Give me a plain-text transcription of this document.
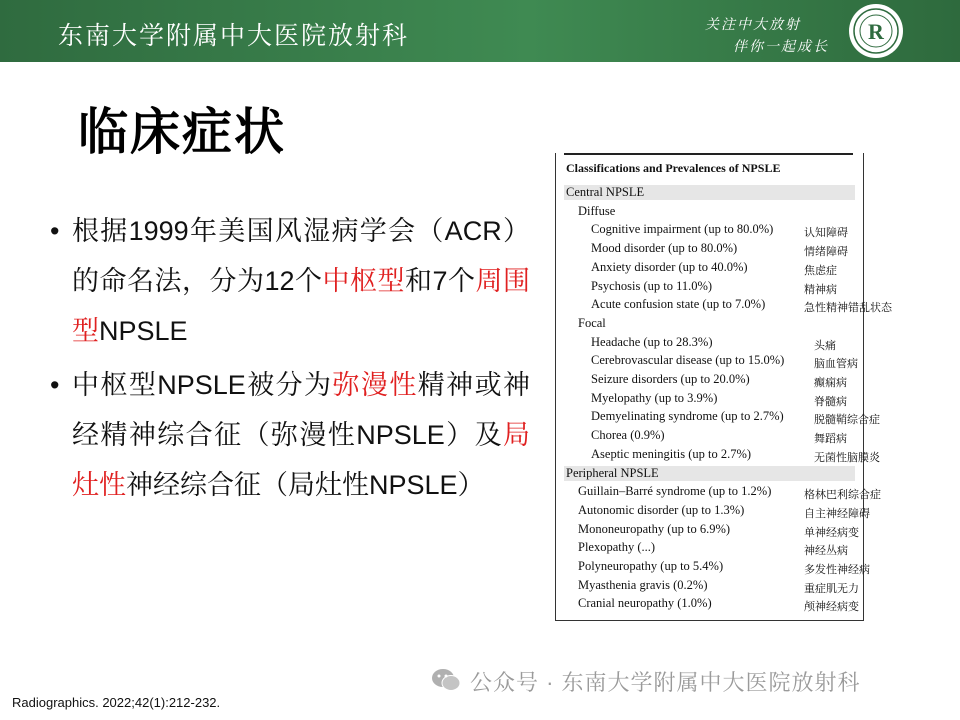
东南大学附属中大医院放射科	关注中大放射
伴你一起成长
R
临床症状
• 根据1999年美国风湿病学会（ACR）的命名法，分为12个中枢型和7个周围型NPSLE
• 中枢型NPSLE被分为弥漫性精神或神经精神综合征（弥漫性NPSLE）及局灶性神经综合征（局灶性NPSLE）
Classifications and Prevalences of NPSLE
Central NPSLE
Diffuse
Cognitive impairment (up to 80.0%)	认知障碍
Mood disorder (up to 80.0%)	情绪障碍
Anxiety disorder (up to 40.0%)	焦虑症
Psychosis (up to 11.0%)	精神病
Acute confusion state (up to 7.0%)	急性精神错乱状态
Focal
Headache (up to 28.3%)	头痛
Cerebrovascular disease (up to 15.0%)	脑血管病
Seizure disorders (up to 20.0%)	癫痫病
Myelopathy (up to 3.9%)	脊髓病
Demyelinating syndrome (up to 2.7%)	脱髓鞘综合症
Chorea (0.9%)	舞蹈病
Aseptic meningitis (up to 2.7%)	无菌性脑膜炎
Peripheral NPSLE
Guillain–Barré syndrome (up to 1.2%)	格林巴利综合症
Autonomic disorder (up to 1.3%)	自主神经障碍
Mononeuropathy (up to 6.9%)	单神经病变
Plexopathy (...)	神经丛病
Polyneuropathy (up to 5.4%)	多发性神经病
Myasthenia gravis (0.2%)	重症肌无力
Cranial neuropathy (1.0%)	颅神经病变
公众号 · 东南大学附属中大医院放射科
Radiographics. 2022;42(1):212-232.
